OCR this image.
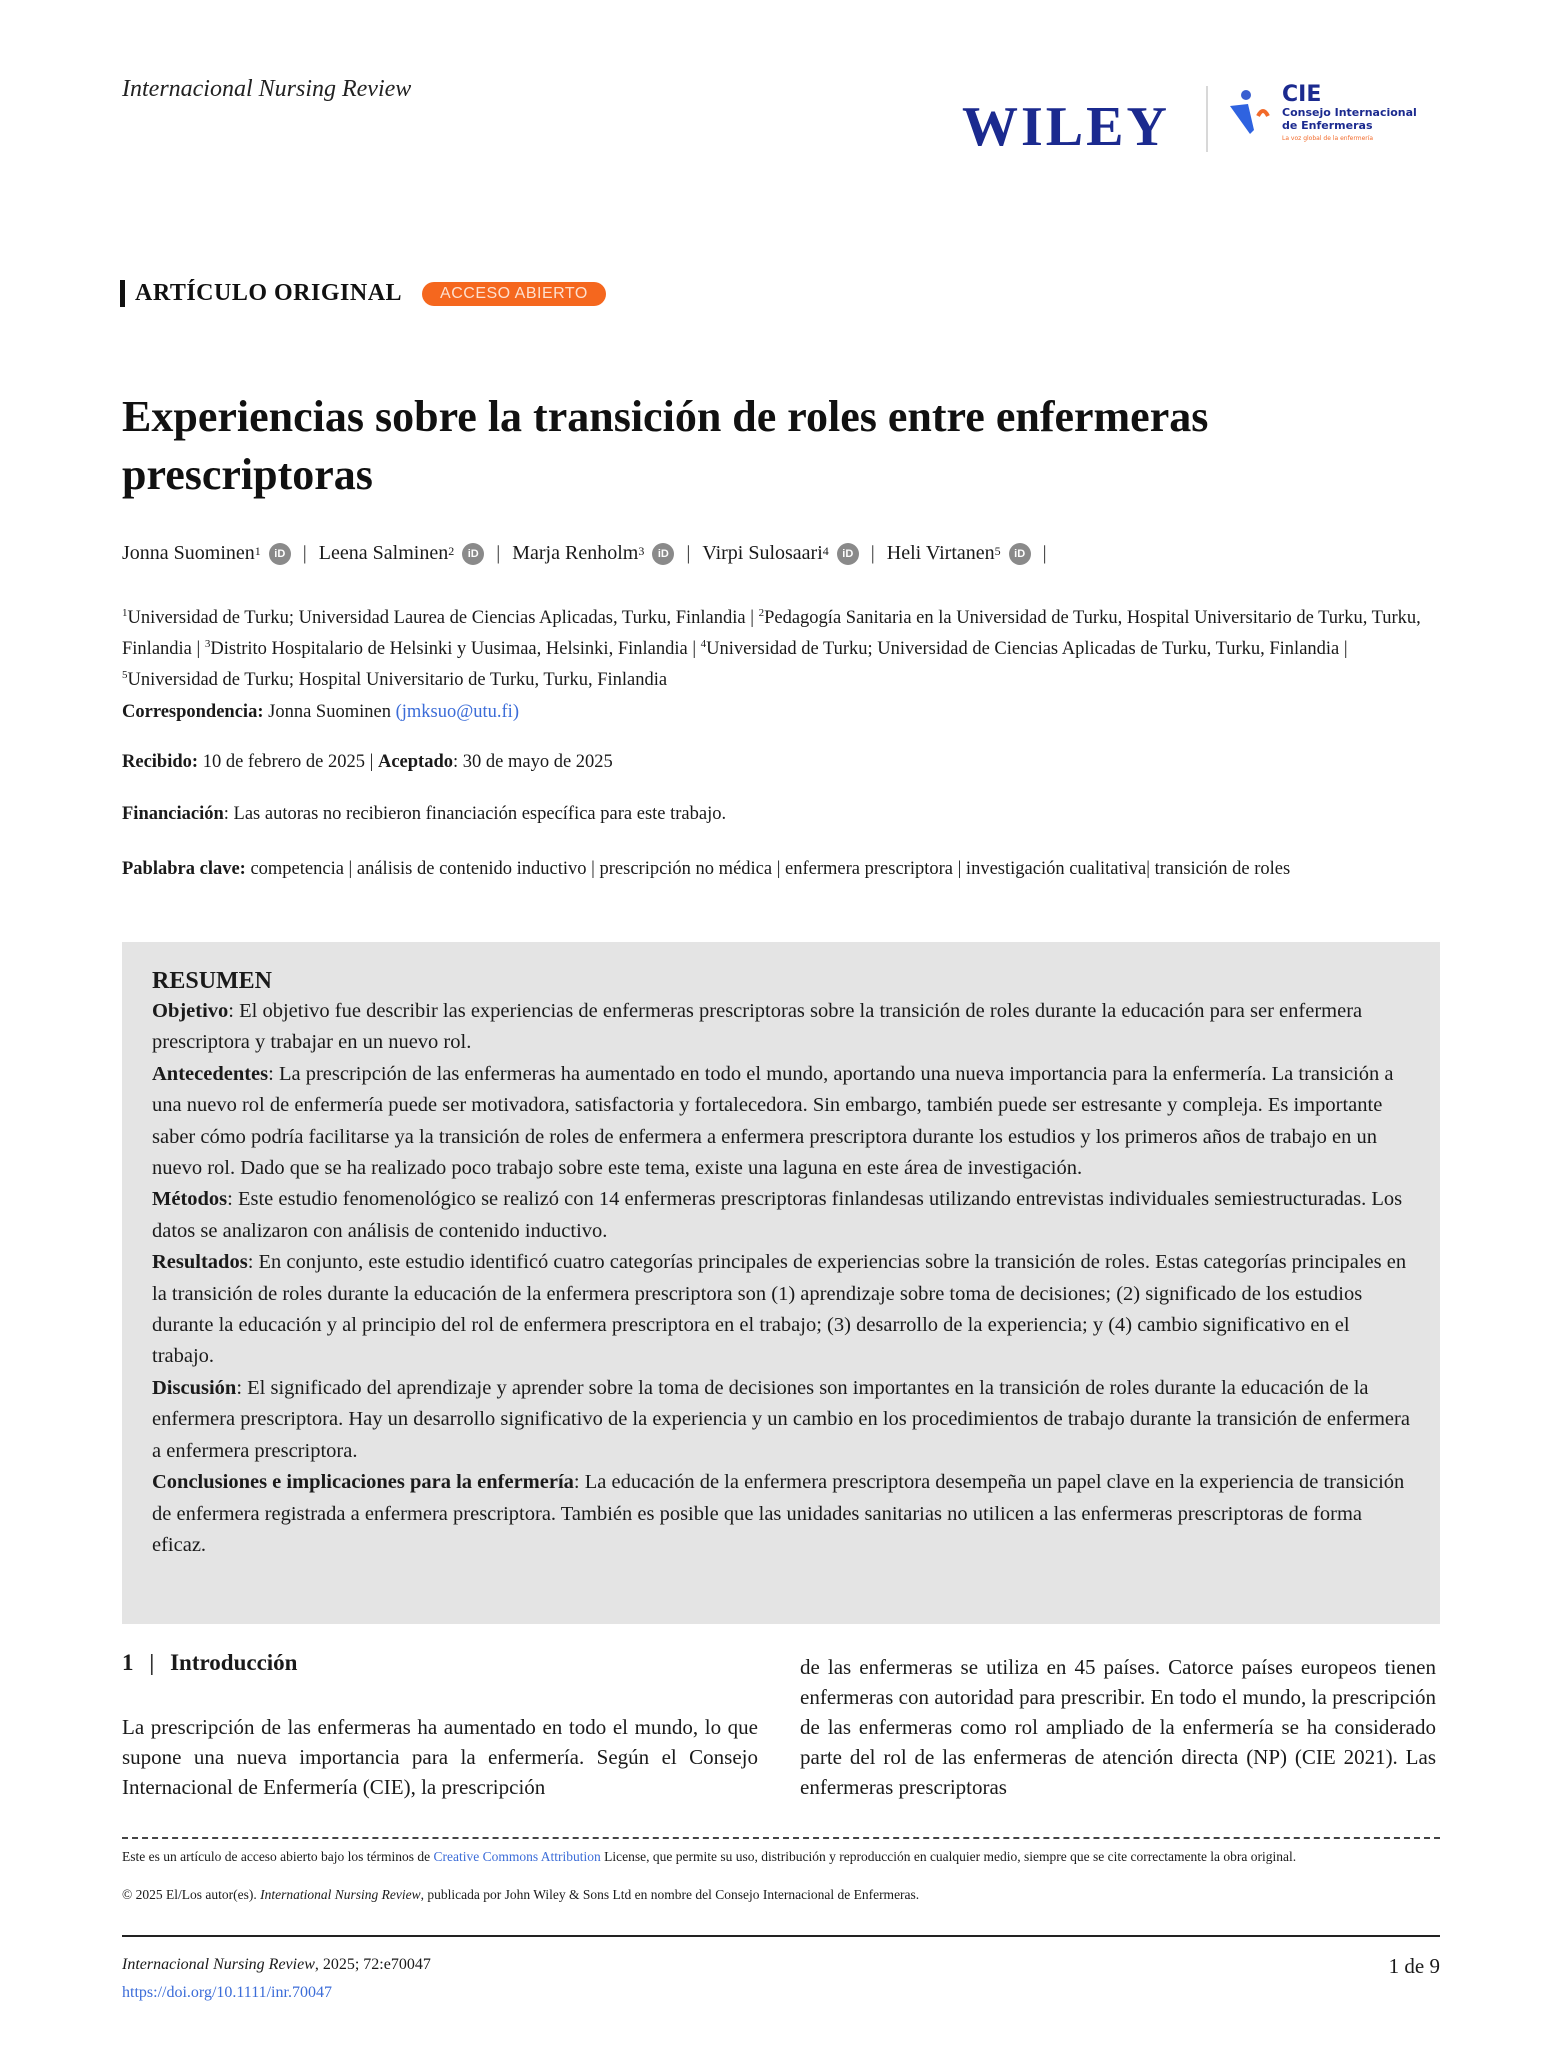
Internacional Nursing Review
WILEY
CIE
Consejo Internacional
de Enfermeras
La voz global de la enfermería
ARTÍCULO ORIGINAL	ACCESO ABIERTO
Experiencias sobre la transición de roles entre enfermeras prescriptoras
Jonna Suominen$^1$	iD | Leena Salminen$^2$	iD | Marja Renholm$^3$	iD | Virpi Sulosaari$^4$	iD | Heli Virtanen$^5$	iD |
$^1$Universidad de Turku; Universidad Laurea de Ciencias Aplicadas, Turku, Finlandia | $^2$Pedagogía Sanitaria en la Universidad de Turku, Hospital Universitario de Turku, Turku, Finlandia | $^3$Distrito Hospitalario de Helsinki y Uusimaa, Helsinki, Finlandia | $^4$Universidad de Turku; Universidad de Ciencias Aplicadas de Turku, Turku, Finlandia | $^5$Universidad de Turku; Hospital Universitario de Turku, Turku, Finlandia
Correspondencia: Jonna Suominen (jmksuo@utu.fi)
Recibido: 10 de febrero de 2025 | Aceptado: 30 de mayo de 2025
Financiación: Las autoras no recibieron financiación específica para este trabajo.
Pablabra clave: competencia | análisis de contenido inductivo | prescripción no médica | enfermera prescriptora | investigación cualitativa| transición de roles
RESUMEN

Objetivo: El objetivo fue describir las experiencias de enfermeras prescriptoras sobre la transición de roles durante la educación para ser enfermera prescriptora y trabajar en un nuevo rol.

Antecedentes: La prescripción de las enfermeras ha aumentado en todo el mundo, aportando una nueva importancia para la enfermería. La transición a una nuevo rol de enfermería puede ser motivadora, satisfactoria y fortalecedora. Sin embargo, también puede ser estresante y compleja. Es importante saber cómo podría facilitarse ya la transición de roles de enfermera a enfermera prescriptora durante los estudios y los primeros años de trabajo en un nuevo rol. Dado que se ha realizado poco trabajo sobre este tema, existe una laguna en este área de investigación.

Métodos: Este estudio fenomenológico se realizó con 14 enfermeras prescriptoras finlandesas utilizando entrevistas individuales semiestructuradas. Los datos se analizaron con análisis de contenido inductivo.

Resultados: En conjunto, este estudio identificó cuatro categorías principales de experiencias sobre la transición de roles. Estas categorías principales en la transición de roles durante la educación de la enfermera prescriptora son (1) aprendizaje sobre toma de decisiones; (2) significado de los estudios durante la educación y al principio del rol de enfermera prescriptora en el trabajo; (3) desarrollo de la experiencia; y (4) cambio significativo en el trabajo.

Discusión: El significado del aprendizaje y aprender sobre la toma de decisiones son importantes en la transición de roles durante la educación de la enfermera prescriptora. Hay un desarrollo significativo de la experiencia y un cambio en los procedimientos de trabajo durante la transición de enfermera a enfermera prescriptora.

Conclusiones e implicaciones para la enfermería: La educación de la enfermera prescriptora desempeña un papel clave en la experiencia de transición de enfermera registrada a enfermera prescriptora. También es posible que las unidades sanitarias no utilicen a las enfermeras prescriptoras de forma eficaz.

1 | Introducción
La prescripción de las enfermeras ha aumentado en todo el mundo, lo que supone una nueva importancia para la enfermería. Según el Consejo Internacional de Enfermería (CIE), la prescripción
de las enfermeras se utiliza en 45 países. Catorce países europeos tienen enfermeras con autoridad para prescribir. En todo el mundo, la prescripción de las enfermeras como rol ampliado de la enfermería se ha considerado parte del rol de las enfermeras de atención directa (NP) (CIE 2021). Las enfermeras prescriptoras
Este es un artículo de acceso abierto bajo los términos de Creative Commons Attribution License, que permite su uso, distribución y reproducción en cualquier medio, siempre que se cite correctamente la obra original.
© 2025 El/Los autor(es). International Nursing Review, publicada por John Wiley & Sons Ltd en nombre del Consejo Internacional de Enfermeras.
Internacional Nursing Review, 2025; 72:e70047
https://doi.org/10.1111/inr.70047
1 de 9
